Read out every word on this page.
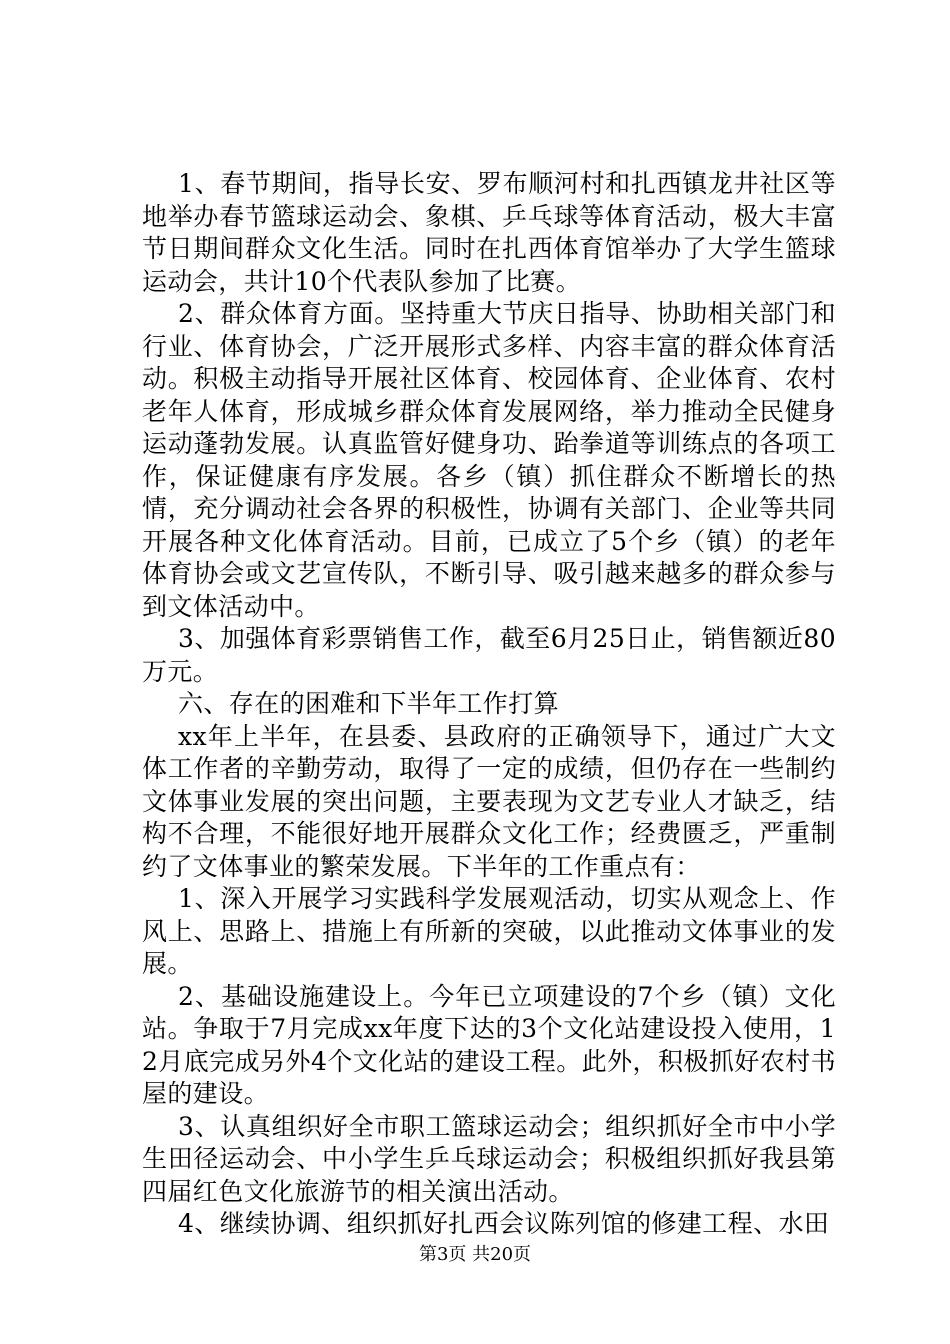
1、春节期间，指导长安、罗布顺河村和扎西镇龙井社区等地举办春节篮球运动会、象棋、乒乓球等体育活动，极大丰富节日期间群众文化生活。同时在扎西体育馆举办了大学生篮球运动会，共计10个代表队参加了比赛。

2、群众体育方面。坚持重大节庆日指导、协助相关部门和行业、体育协会，广泛开展形式多样、内容丰富的群众体育活动。积极主动指导开展社区体育、校园体育、企业体育、农村老年人体育，形成城乡群众体育发展网络，举力推动全民健身运动蓬勃发展。认真监管好健身功、跆拳道等训练点的各项工作，保证健康有序发展。各乡（镇）抓住群众不断增长的热情，充分调动社会各界的积极性，协调有关部门、企业等共同开展各种文化体育活动。目前，已成立了5个乡（镇）的老年体育协会或文艺宣传队，不断引导、吸引越来越多的群众参与到文体活动中。

3、加强体育彩票销售工作，截至6月25日止，销售额近80万元。

六、存在的困难和下半年工作打算

xx年上半年，在县委、县政府的正确领导下，通过广大文体工作者的辛勤劳动，取得了一定的成绩，但仍存在一些制约文体事业发展的突出问题，主要表现为文艺专业人才缺乏，结构不合理，不能很好地开展群众文化工作；经费匮乏，严重制约了文体事业的繁荣发展。下半年的工作重点有：

1、深入开展学习实践科学发展观活动，切实从观念上、作风上、思路上、措施上有所新的突破，以此推动文体事业的发展。

2、基础设施建设上。今年已立项建设的7个乡（镇）文化站。争取于7月完成xx年度下达的3个文化站建设投入使用，12月底完成另外4个文化站的建设工程。此外，积极抓好农村书屋的建设。

3、认真组织好全市职工篮球运动会；组织抓好全市中小学生田径运动会、中小学生乒乓球运动会；积极组织抓好我县第四届红色文化旅游节的相关演出活动。

4、继续协调、组织抓好扎西会议陈列馆的修建工程、水田

第3页 共20页
